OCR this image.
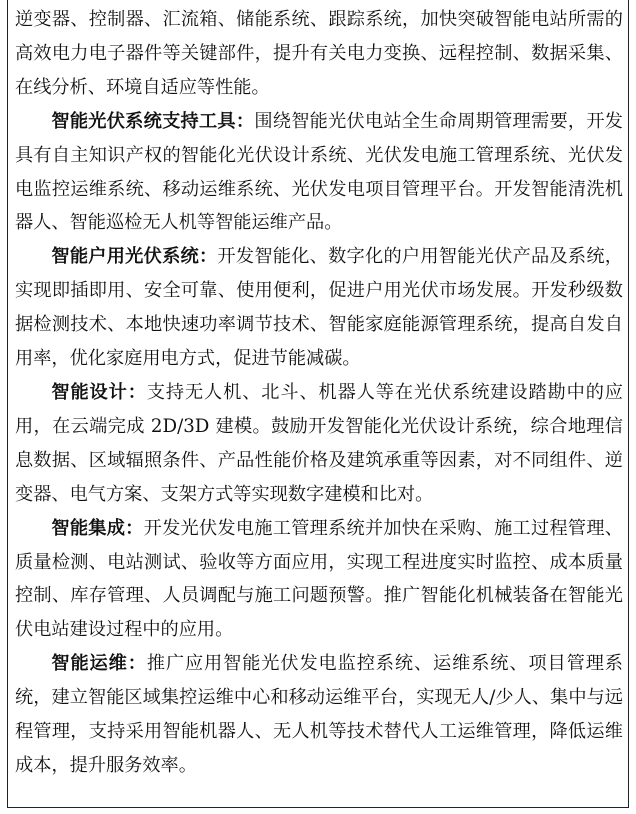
逆变器、控制器、汇流箱、储能系统、跟踪系统，加快突破智能电站所需的高效电力电子器件等关键部件，提升有关电力变换、远程控制、数据采集、在线分析、环境自适应等性能。

智能光伏系统支持工具：围绕智能光伏电站全生命周期管理需要，开发具有自主知识产权的智能化光伏设计系统、光伏发电施工管理系统、光伏发电监控运维系统、移动运维系统、光伏发电项目管理平台。开发智能清洗机器人、智能巡检无人机等智能运维产品。

智能户用光伏系统：开发智能化、数字化的户用智能光伏产品及系统，实现即插即用、安全可靠、使用便利，促进户用光伏市场发展。开发秒级数据检测技术、本地快速功率调节技术、智能家庭能源管理系统，提高自发自用率，优化家庭用电方式，促进节能减碳。

智能设计：支持无人机、北斗、机器人等在光伏系统建设踏勘中的应用，在云端完成 2D/3D 建模。鼓励开发智能化光伏设计系统，综合地理信息数据、区域辐照条件、产品性能价格及建筑承重等因素，对不同组件、逆变器、电气方案、支架方式等实现数字建模和比对。

智能集成：开发光伏发电施工管理系统并加快在采购、施工过程管理、质量检测、电站测试、验收等方面应用，实现工程进度实时监控、成本质量控制、库存管理、人员调配与施工问题预警。推广智能化机械装备在智能光伏电站建设过程中的应用。

智能运维：推广应用智能光伏发电监控系统、运维系统、项目管理系统，建立智能区域集控运维中心和移动运维平台，实现无人/少人、集中与远程管理，支持采用智能机器人、无人机等技术替代人工运维管理，降低运维成本，提升服务效率。
